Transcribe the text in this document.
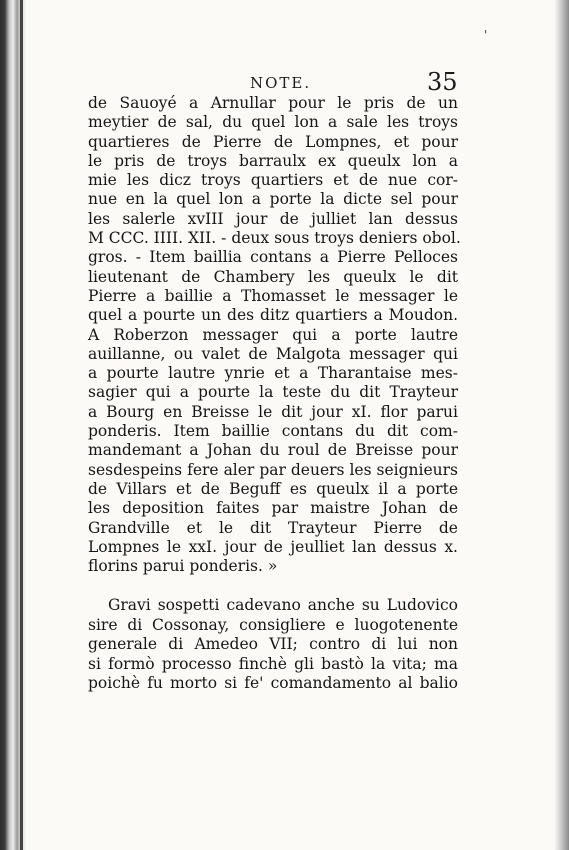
'
NOTE.	35
de Sauoyé a Arnullar pour le pris de un
meytier de sal, du quel lon a sale les troys
quartieres de Pierre de Lompnes, et pour
le pris de troys barraulx ex queulx lon a
mie les dicz troys quartiers et de nue cor-
nue en la quel lon a porte la dicte sel pour
les salerle xvIII jour de julliet lan dessus
M CCC. IIII. XII. - deux sous troys deniers obol.
gros. - Item baillia contans a Pierre Pelloces
lieutenant de Chambery les queulx le dit
Pierre a baillie a Thomasset le messager le
quel a pourte un des ditz quartiers a Moudon.
A Roberzon messager qui a porte lautre
auillanne, ou valet de Malgota messager qui
a pourte lautre ynrie et a Tharantaise mes-
sagier qui a pourte la teste du dit Trayteur
a Bourg en Breisse le dit jour xI. flor parui
ponderis. Item baillie contans du dit com-
mandemant a Johan du roul de Breisse pour
sesdespeins fere aler par deuers les seignieurs
de Villars et de Beguff es queulx il a porte
les deposition faites par maistre Johan de
Grandville et le dit Trayteur Pierre de
Lompnes le xxI. jour de jeulliet lan dessus x.
florins parui ponderis. »
Gravi sospetti cadevano anche su Ludovico
sire di Cossonay, consigliere e luogotenente
generale di Amedeo VII; contro di lui non
si formò processo finchè gli bastò la vita; ma
poichè fu morto si fe' comandamento al balio
